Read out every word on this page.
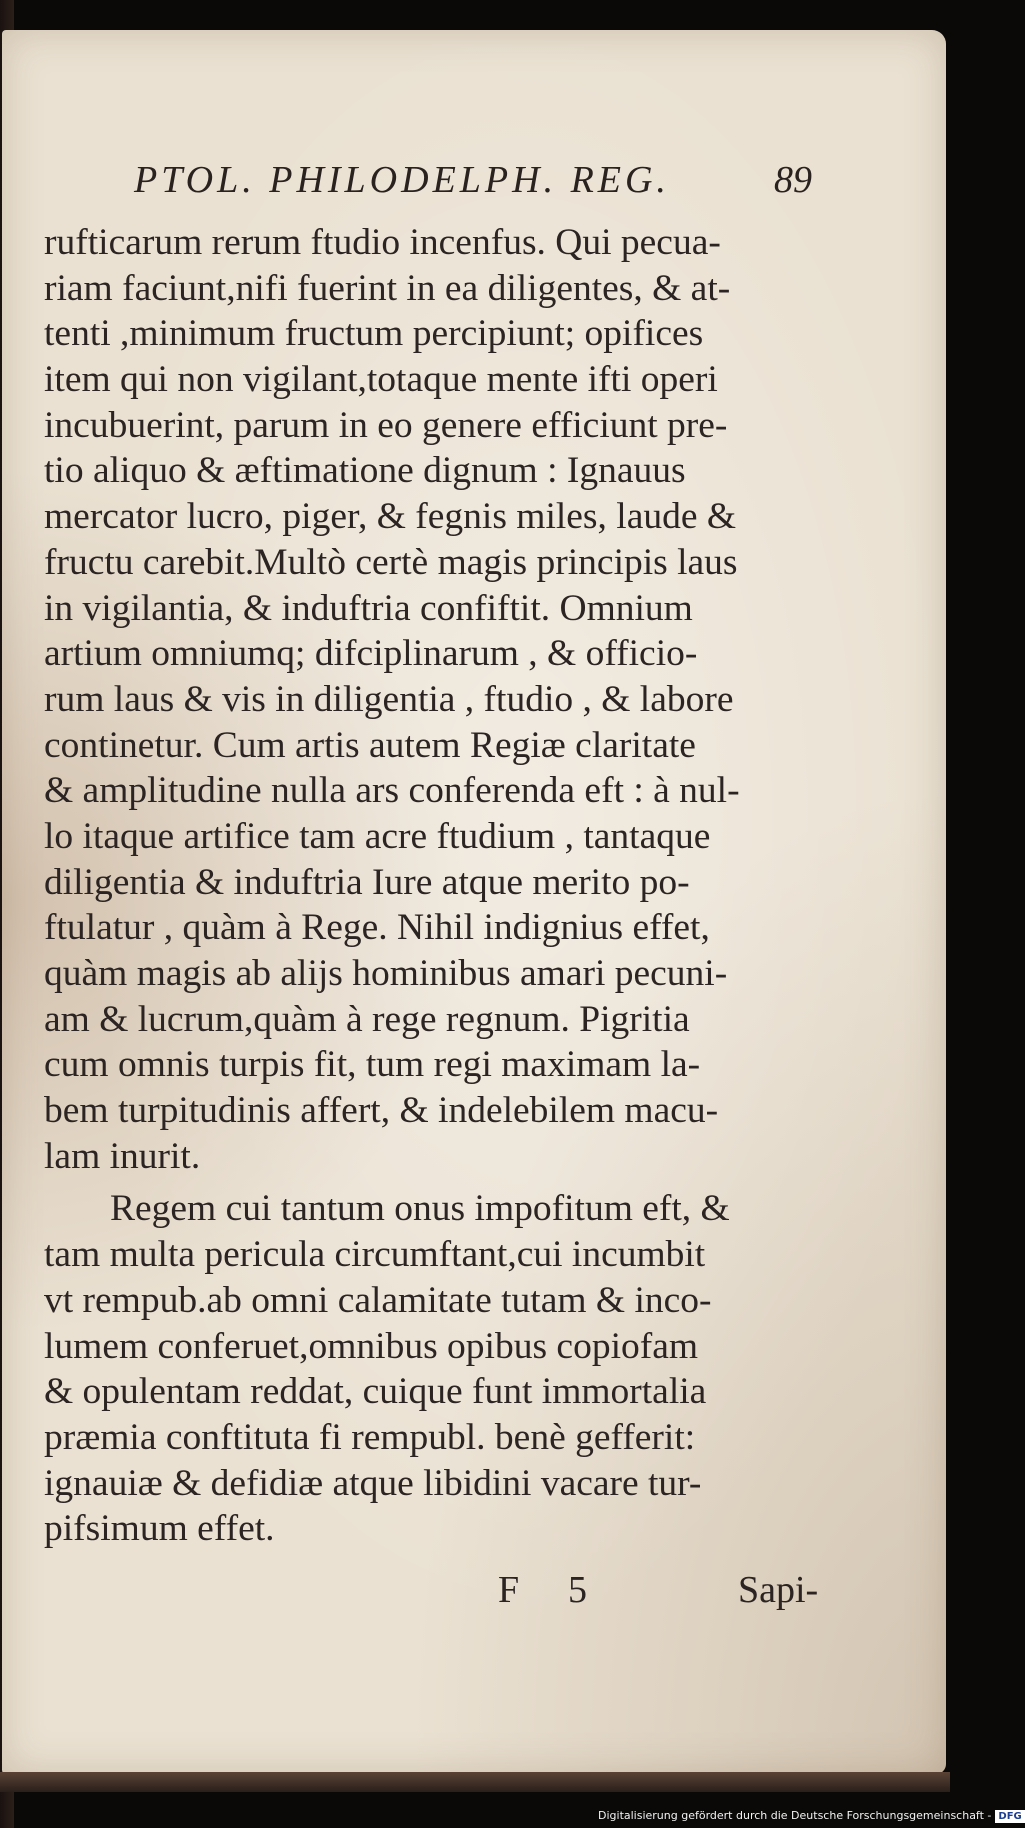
PTOL. PHILODELPH. REG.	89
rufticarum rerum ftudio incenfus. Qui pecua-
riam faciunt,nifi fuerint in ea diligentes, & at-
tenti ,minimum fructum percipiunt; opifices
item qui non vigilant,totaque mente ifti operi
incubuerint, parum in eo genere efficiunt pre-
tio aliquo & æftimatione dignum : Ignauus
mercator lucro, piger, & fegnis miles, laude &
fructu carebit.Multò certè magis principis laus
in vigilantia, & induftria confiftit. Omnium
artium omniumq; difciplinarum , & officio-
rum laus & vis in diligentia , ftudio , & labore
continetur. Cum artis autem Regiæ claritate
& amplitudine nulla ars conferenda eft : à nul-
lo itaque artifice tam acre ftudium , tantaque
diligentia & induftria Iure atque merito po-
ftulatur , quàm à Rege. Nihil indignius effet,
quàm magis ab alijs hominibus amari pecuni-
am & lucrum,quàm à rege regnum. Pigritia
cum omnis turpis fit, tum regi maximam la-
bem turpitudinis affert, & indelebilem macu-
lam inurit.
Regem cui tantum onus impofitum eft, &
tam multa pericula circumftant,cui incumbit
vt rempub.ab omni calamitate tutam & inco-
lumem conferuet,omnibus opibus copiofam
& opulentam reddat, cuique funt immortalia
præmia conftituta fi rempubl. benè gefferit:
ignauiæ & defidiæ atque libidini vacare tur-
pifsimum effet.
F 5	Sapi-
Digitalisierung gefördert durch die Deutsche Forschungsgemeinschaft - DFG
